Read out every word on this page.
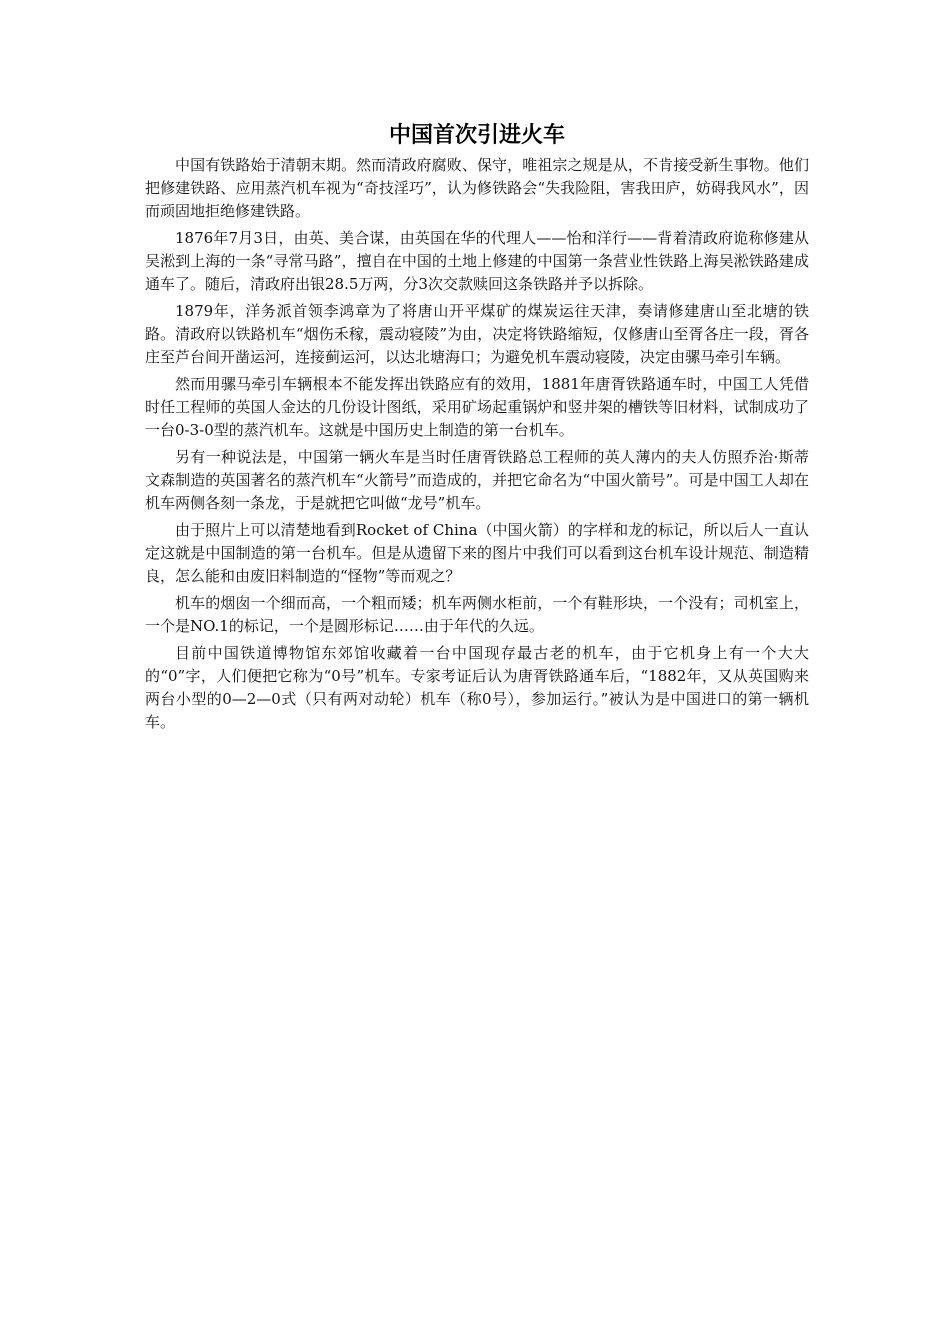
中国首次引进火车

中国有铁路始于清朝末期。然而清政府腐败、保守，唯祖宗之规是从，不肯接受新生事物。他们把修建铁路、应用蒸汽机车视为“奇技淫巧”，认为修铁路会“失我险阻，害我田庐，妨碍我风水”，因而顽固地拒绝修建铁路。

1876年7月3日，由英、美合谋，由英国在华的代理人——怡和洋行——背着清政府诡称修建从吴淞到上海的一条“寻常马路”，擅自在中国的土地上修建的中国第一条营业性铁路上海吴淞铁路建成通车了。随后，清政府出银28.5万两，分3次交款赎回这条铁路并予以拆除。

1879年，洋务派首领李鸿章为了将唐山开平煤矿的煤炭运往天津，奏请修建唐山至北塘的铁路。清政府以铁路机车“烟伤禾稼，震动寝陵”为由，决定将铁路缩短，仅修唐山至胥各庄一段，胥各庄至芦台间开凿运河，连接蓟运河，以达北塘海口；为避免机车震动寝陵，决定由骡马牵引车辆。

然而用骡马牵引车辆根本不能发挥出铁路应有的效用，1881年唐胥铁路通车时，中国工人凭借时任工程师的英国人金达的几份设计图纸，采用矿场起重锅炉和竖井架的槽铁等旧材料，试制成功了一台0-3-0型的蒸汽机车。这就是中国历史上制造的第一台机车。

另有一种说法是，中国第一辆火车是当时任唐胥铁路总工程师的英人薄内的夫人仿照乔治·斯蒂文森制造的英国著名的蒸汽机车“火箭号”而造成的，并把它命名为“中国火箭号”。可是中国工人却在机车两侧各刻一条龙，于是就把它叫做“龙号”机车。

由于照片上可以清楚地看到Rocket of China（中国火箭）的字样和龙的标记，所以后人一直认定这就是中国制造的第一台机车。但是从遗留下来的图片中我们可以看到这台机车设计规范、制造精良，怎么能和由废旧料制造的“怪物”等而观之？

机车的烟囱一个细而高，一个粗而矮；机车两侧水柜前，一个有鞋形块，一个没有；司机室上，一个是NO.1的标记，一个是圆形标记……由于年代的久远。

目前中国铁道博物馆东郊馆收藏着一台中国现存最古老的机车，由于它机身上有一个大大的“0”字，人们便把它称为“0号”机车。专家考证后认为唐胥铁路通车后，“1882年，又从英国购来两台小型的0—2—0式（只有两对动轮）机车（称0号），参加运行。”被认为是中国进口的第一辆机车。
